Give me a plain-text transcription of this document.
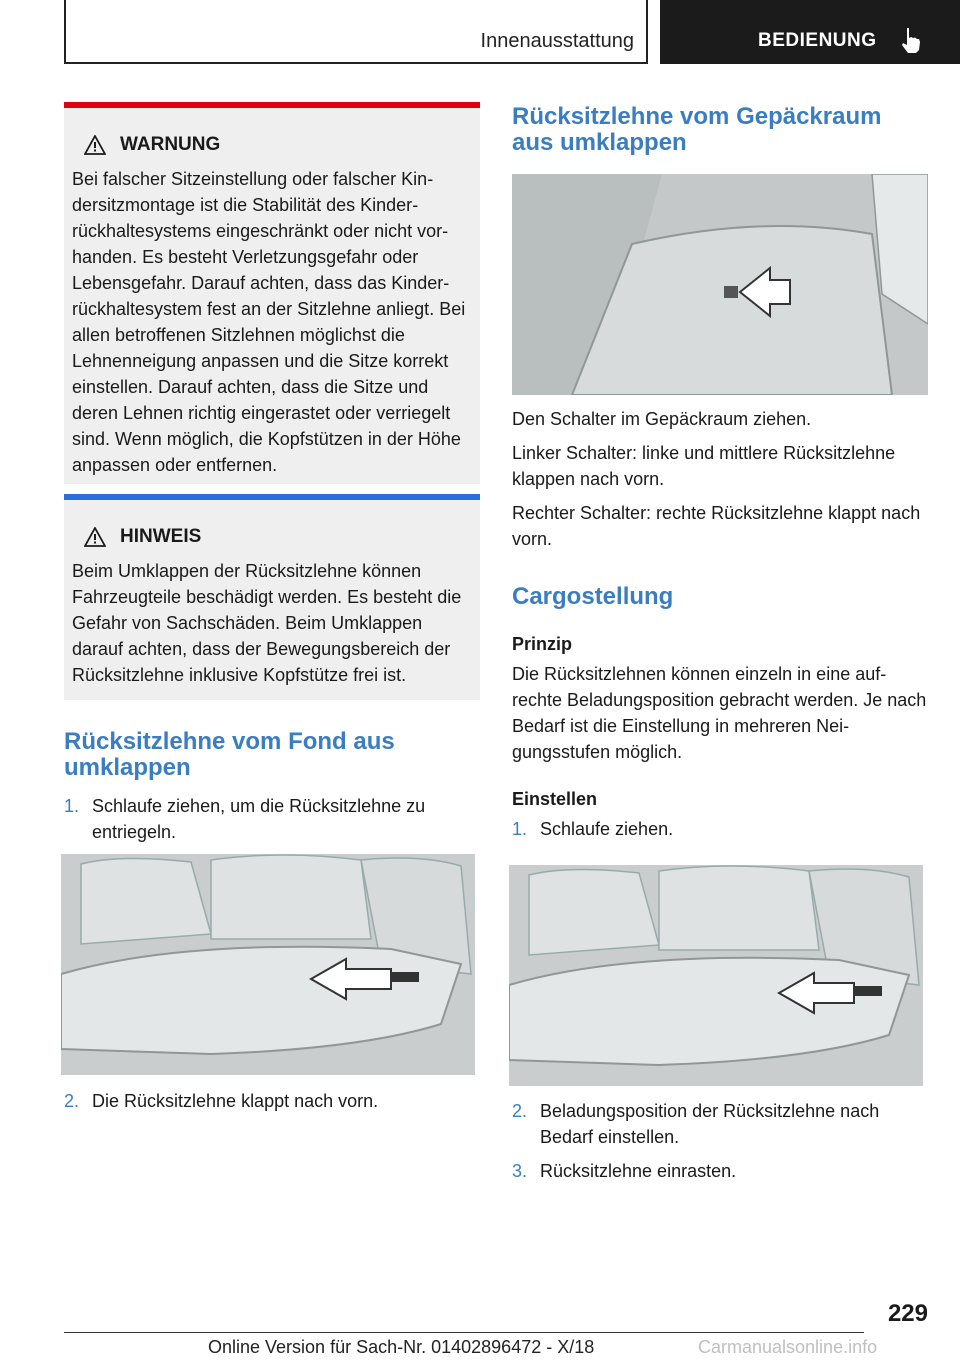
Innenausstattung	BEDIENUNG
WARNUNG

Bei falscher Sitzeinstellung oder falscher Kindersitzmontage ist die Stabilität des Kinderrückhaltesystems eingeschränkt oder nicht vorhanden. Es besteht Verletzungsgefahr oder Lebensgefahr. Darauf achten, dass das Kinderrückhaltesystem fest an der Sitzlehne anliegt. Bei allen betroffenen Sitzlehnen möglichst die Lehnenneigung anpassen und die Sitze korrekt einstellen. Darauf achten, dass die Sitze und deren Lehnen richtig eingerastet oder verriegelt sind. Wenn möglich, die Kopfstützen in der Höhe anpassen oder entfernen.

HINWEIS

Beim Umklappen der Rücksitzlehne können Fahrzeugteile beschädigt werden. Es besteht die Gefahr von Sachschäden. Beim Umklappen darauf achten, dass der Bewegungsbereich der Rücksitzlehne inklusive Kopfstütze frei ist.

Rücksitzlehne vom Fond aus umklappen
1. Schlaufe ziehen, um die Rücksitzlehne zu entriegeln.
2. Die Rücksitzlehne klappt nach vorn.
Rücksitzlehne vom Gepäckraum aus umklappen

Den Schalter im Gepäckraum ziehen.

Linker Schalter: linke und mittlere Rücksitzlehne klappen nach vorn.

Rechter Schalter: rechte Rücksitzlehne klappt nach vorn.

Cargostellung
Prinzip

Die Rücksitzlehnen können einzeln in eine aufrechte Beladungsposition gebracht werden. Je nach Bedarf ist die Einstellung in mehreren Neigungsstufen möglich.

Einstellen
1. Schlaufe ziehen.
2. Beladungsposition der Rücksitzlehne nach Bedarf einstellen.
3. Rücksitzlehne einrasten.
229
Online Version für Sach-Nr. 01402896472 - X/18	Carmanualsonline.info
